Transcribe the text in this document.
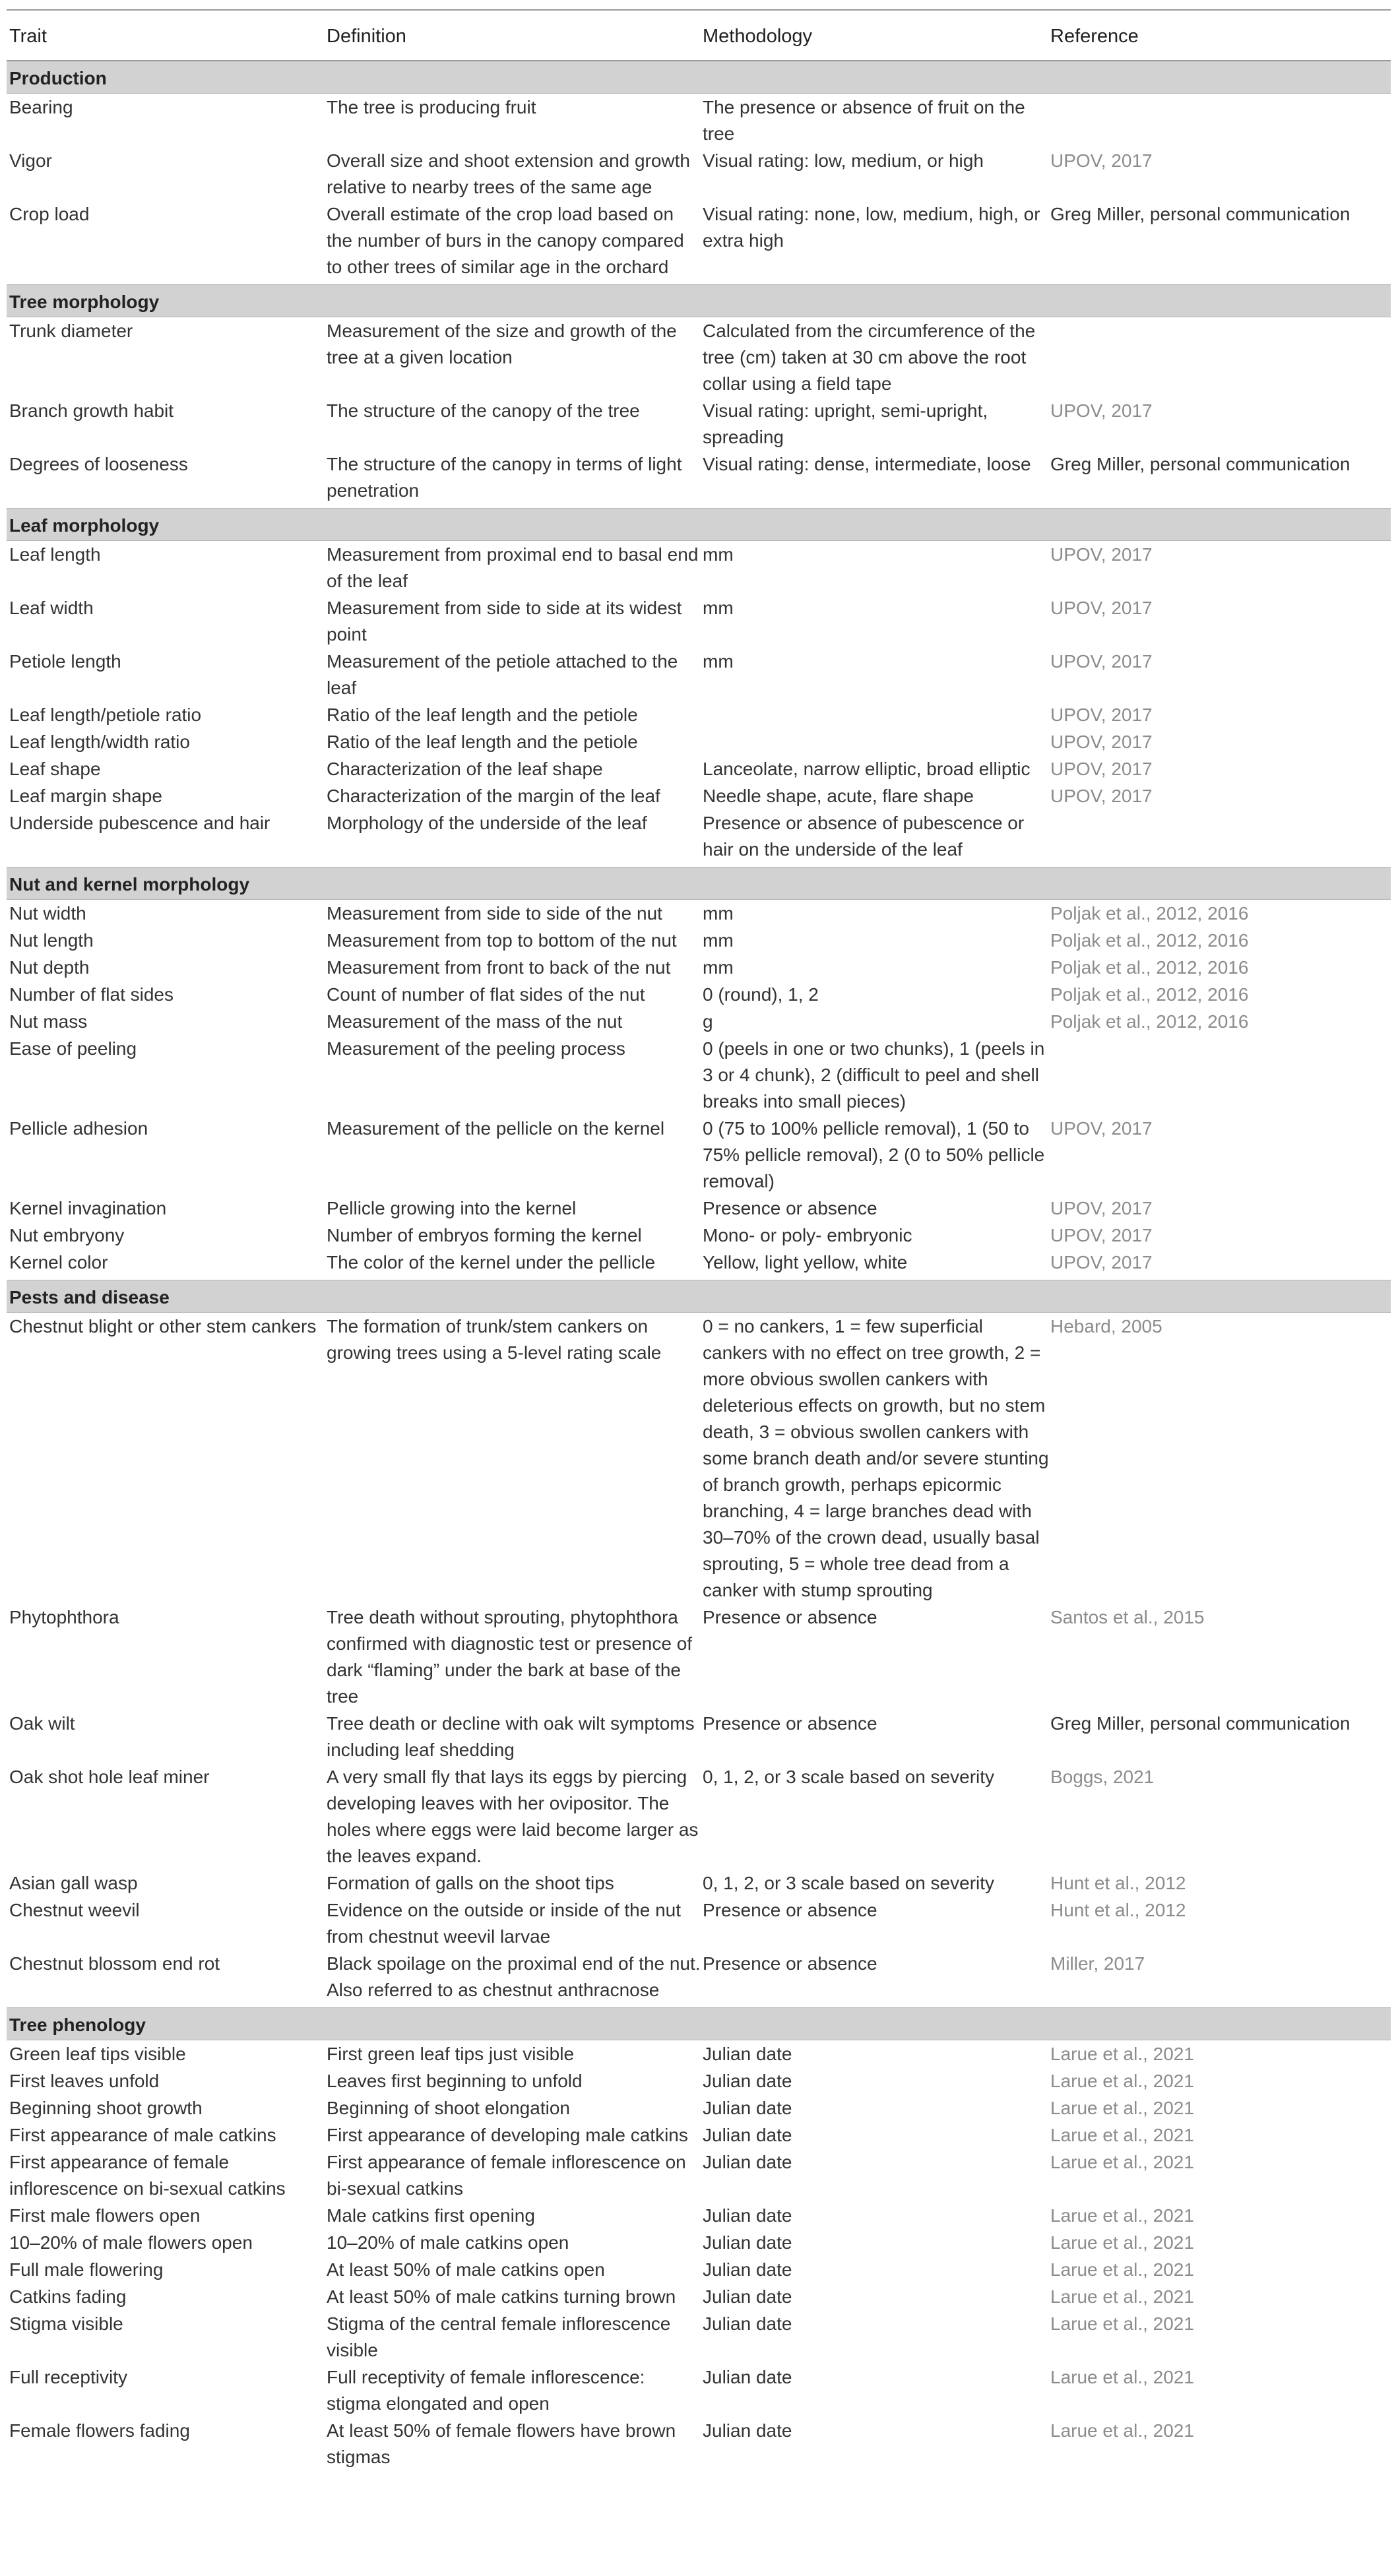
Trait	Definition	Methodology	Reference
Production			
Bearing	The tree is producing fruit	The presence or absence of fruit on the tree	
Vigor	Overall size and shoot extension and growth relative to nearby trees of the same age	Visual rating: low, medium, or high	UPOV, 2017
Crop load	Overall estimate of the crop load based on the number of burs in the canopy compared to other trees of similar age in the orchard	Visual rating: none, low, medium, high, or extra high	Greg Miller, personal communication

Tree morphology			
Trunk diameter	Measurement of the size and growth of the tree at a given location	Calculated from the circumference of the tree (cm) taken at 30 cm above the root collar using a field tape	
Branch growth habit	The structure of the canopy of the tree	Visual rating: upright, semi-upright, spreading	UPOV, 2017
Degrees of looseness	The structure of the canopy in terms of light penetration	Visual rating: dense, intermediate, loose	Greg Miller, personal communication

Leaf morphology			
Leaf length	Measurement from proximal end to basal end of the leaf	mm	UPOV, 2017
Leaf width	Measurement from side to side at its widest point	mm	UPOV, 2017
Petiole length	Measurement of the petiole attached to the leaf	mm	UPOV, 2017
Leaf length/petiole ratio	Ratio of the leaf length and the petiole		UPOV, 2017
Leaf length/width ratio	Ratio of the leaf length and the petiole		UPOV, 2017
Leaf shape	Characterization of the leaf shape	Lanceolate, narrow elliptic, broad elliptic	UPOV, 2017
Leaf margin shape	Characterization of the margin of the leaf	Needle shape, acute, flare shape	UPOV, 2017
Underside pubescence and hair	Morphology of the underside of the leaf	Presence or absence of pubescence or hair on the underside of the leaf	

Nut and kernel morphology			
Nut width	Measurement from side to side of the nut	mm	Poljak et al., 2012, 2016
Nut length	Measurement from top to bottom of the nut	mm	Poljak et al., 2012, 2016
Nut depth	Measurement from front to back of the nut	mm	Poljak et al., 2012, 2016
Number of flat sides	Count of number of flat sides of the nut	0 (round), 1, 2	Poljak et al., 2012, 2016
Nut mass	Measurement of the mass of the nut	g	Poljak et al., 2012, 2016
Ease of peeling	Measurement of the peeling process	0 (peels in one or two chunks), 1 (peels in 3 or 4 chunk), 2 (difficult to peel and shell breaks into small pieces)	
Pellicle adhesion	Measurement of the pellicle on the kernel	0 (75 to 100% pellicle removal), 1 (50 to 75% pellicle removal), 2 (0 to 50% pellicle removal)	UPOV, 2017
Kernel invagination	Pellicle growing into the kernel	Presence or absence	UPOV, 2017
Nut embryony	Number of embryos forming the kernel	Mono- or poly- embryonic	UPOV, 2017
Kernel color	The color of the kernel under the pellicle	Yellow, light yellow, white	UPOV, 2017

Pests and disease			
Chestnut blight or other stem cankers	The formation of trunk/stem cankers on growing trees using a 5-level rating scale	0 = no cankers, 1 = few superficial cankers with no effect on tree growth, 2 = more obvious swollen cankers with deleterious effects on growth, but no stem death, 3 = obvious swollen cankers with some branch death and/or severe stunting of branch growth, perhaps epicormic branching, 4 = large branches dead with 30–70% of the crown dead, usually basal sprouting, 5 = whole tree dead from a canker with stump sprouting	Hebard, 2005
Phytophthora	Tree death without sprouting, phytophthora confirmed with diagnostic test or presence of dark “flaming” under the bark at base of the tree	Presence or absence	Santos et al., 2015
Oak wilt	Tree death or decline with oak wilt symptoms including leaf shedding	Presence or absence	Greg Miller, personal communication
Oak shot hole leaf miner	A very small fly that lays its eggs by piercing developing leaves with her ovipositor. The holes where eggs were laid become larger as the leaves expand.	0, 1, 2, or 3 scale based on severity	Boggs, 2021
Asian gall wasp	Formation of galls on the shoot tips	0, 1, 2, or 3 scale based on severity	Hunt et al., 2012
Chestnut weevil	Evidence on the outside or inside of the nut from chestnut weevil larvae	Presence or absence	Hunt et al., 2012
Chestnut blossom end rot	Black spoilage on the proximal end of the nut. Also referred to as chestnut anthracnose	Presence or absence	Miller, 2017

Tree phenology			
Green leaf tips visible	First green leaf tips just visible	Julian date	Larue et al., 2021
First leaves unfold	Leaves first beginning to unfold	Julian date	Larue et al., 2021
Beginning shoot growth	Beginning of shoot elongation	Julian date	Larue et al., 2021
First appearance of male catkins	First appearance of developing male catkins	Julian date	Larue et al., 2021
First appearance of female inflorescence on bi-sexual catkins	First appearance of female inflorescence on bi-sexual catkins	Julian date	Larue et al., 2021
First male flowers open	Male catkins first opening	Julian date	Larue et al., 2021
10–20% of male flowers open	10–20% of male catkins open	Julian date	Larue et al., 2021
Full male flowering	At least 50% of male catkins open	Julian date	Larue et al., 2021
Catkins fading	At least 50% of male catkins turning brown	Julian date	Larue et al., 2021
Stigma visible	Stigma of the central female inflorescence visible	Julian date	Larue et al., 2021
Full receptivity	Full receptivity of female inflorescence: stigma elongated and open	Julian date	Larue et al., 2021
Female flowers fading	At least 50% of female flowers have brown stigmas	Julian date	Larue et al., 2021
